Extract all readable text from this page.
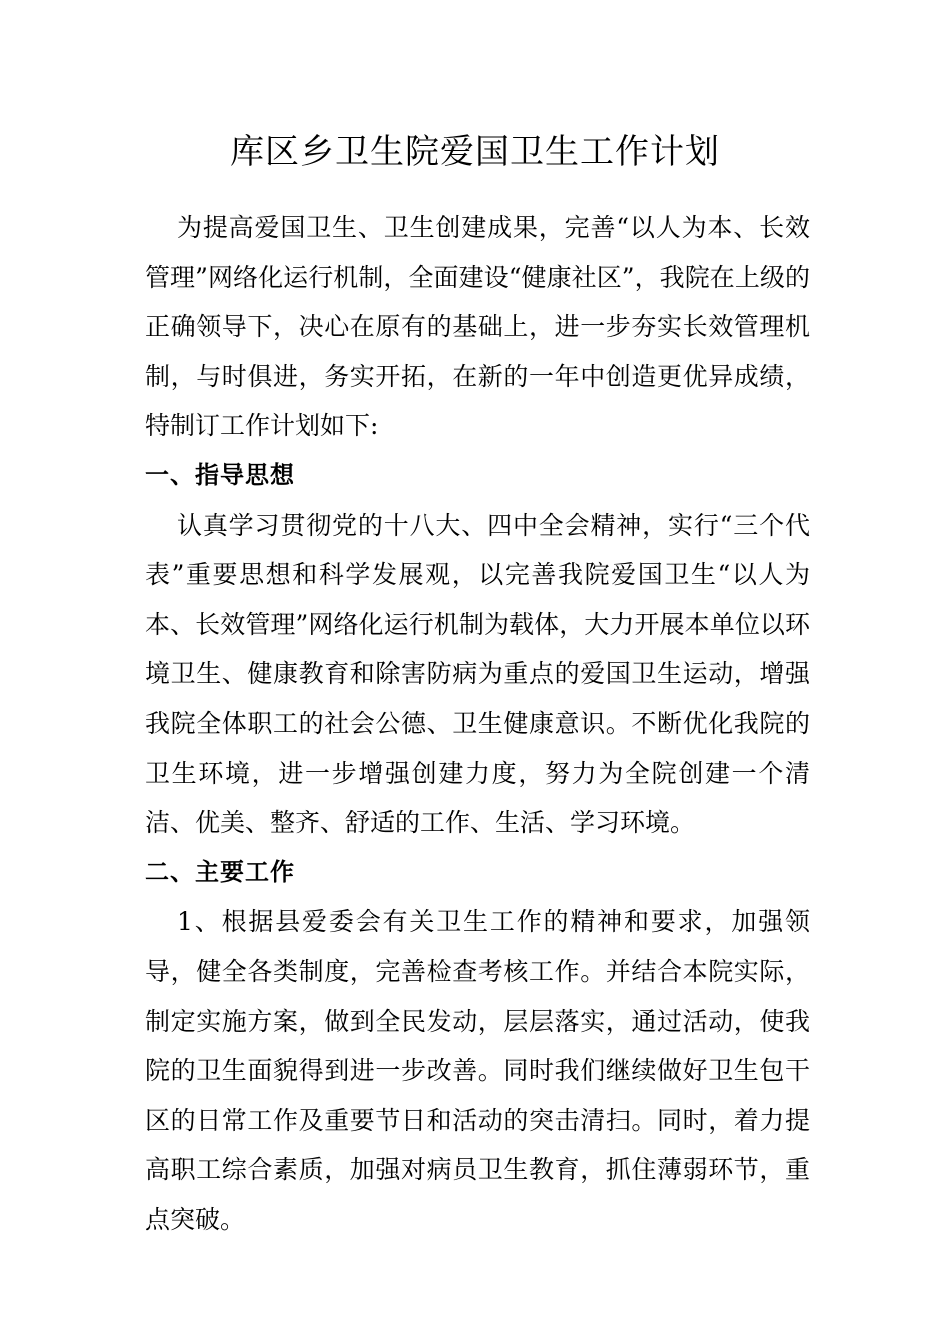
库区乡卫生院爱国卫生工作计划

为提高爱国卫生、卫生创建成果，完善“以人为本、长效管理”网络化运行机制，全面建设“健康社区”，我院在上级的正确领导下，决心在原有的基础上，进一步夯实长效管理机制，与时俱进，务实开拓，在新的一年中创造更优异成绩，特制订工作计划如下:

一、指导思想

认真学习贯彻党的十八大、四中全会精神，实行“三个代表”重要思想和科学发展观，以完善我院爱国卫生“以人为本、长效管理”网络化运行机制为载体，大力开展本单位以环境卫生、健康教育和除害防病为重点的爱国卫生运动，增强我院全体职工的社会公德、卫生健康意识。不断优化我院的卫生环境，进一步增强创建力度，努力为全院创建一个清洁、优美、整齐、舒适的工作、生活、学习环境。

二、主要工作

1、根据县爱委会有关卫生工作的精神和要求，加强领导，健全各类制度，完善检查考核工作。并结合本院实际，制定实施方案，做到全民发动，层层落实，通过活动，使我院的卫生面貌得到进一步改善。同时我们继续做好卫生包干区的日常工作及重要节日和活动的突击清扫。同时，着力提高职工综合素质，加强对病员卫生教育，抓住薄弱环节，重点突破。
